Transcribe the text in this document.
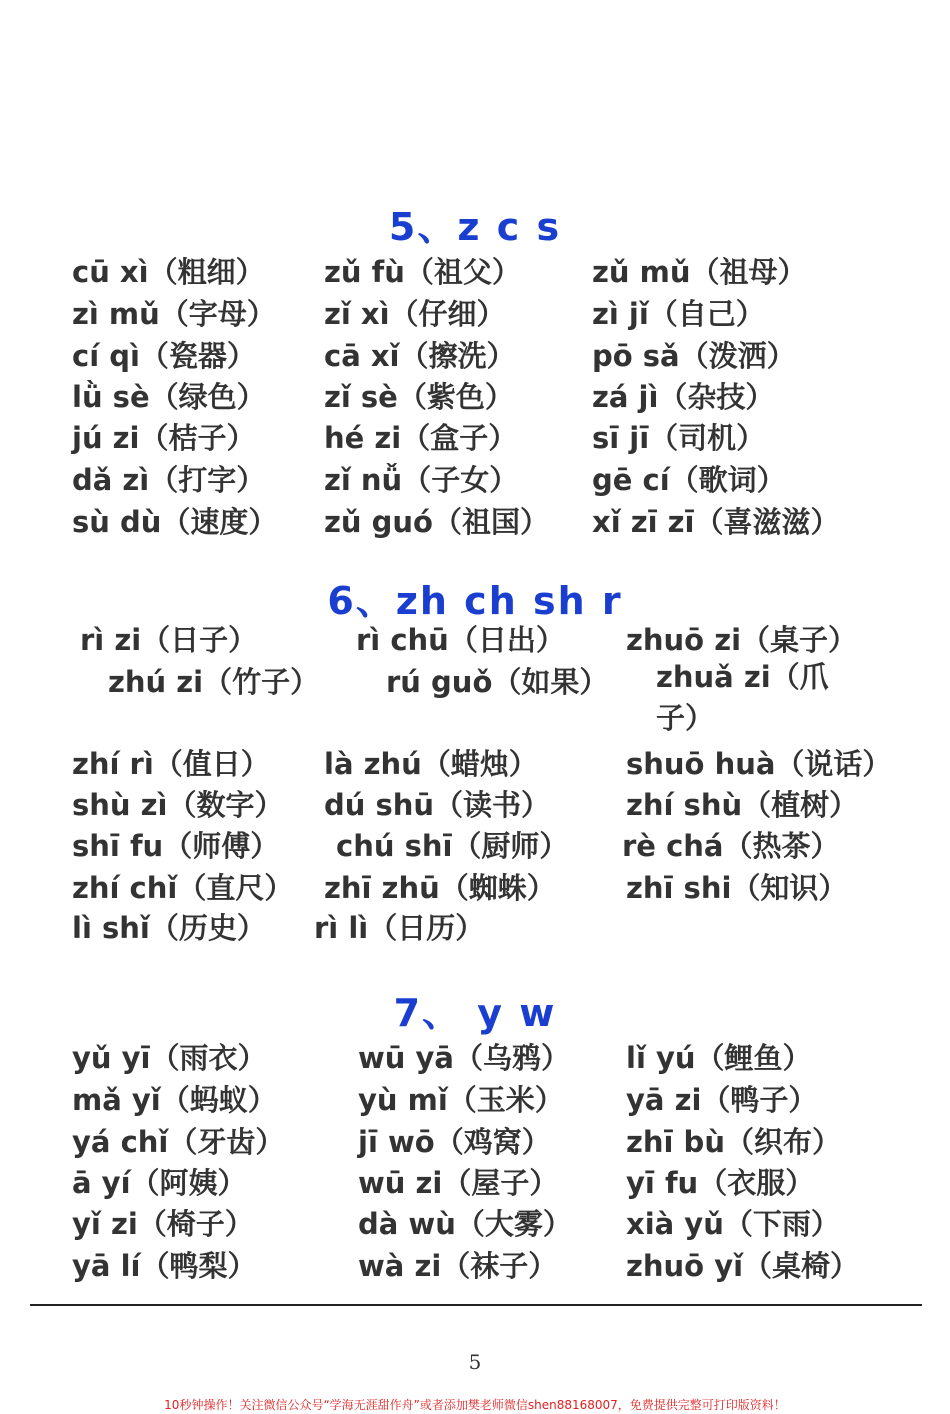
5、z c s
cū xì（粗细） zǔ fù（祖父） zǔ mǔ（祖母）
zì mǔ（字母） zǐ xì（仔细）	zì jǐ（自己）
cí qì（瓷器） cā xǐ（擦洗）	pō sǎ（泼洒）
lǜ sè（绿色） zǐ sè（紫色）	zá jì（杂技）
jú zi（桔子） hé zi（盒子）	sī jī（司机）
dǎ zì（打字） zǐ nǚ（子女）	gē cí（歌词）
sù dù（速度） zǔ guó（祖国） xǐ zī zī（喜滋滋）
6、zh ch sh r
rì zi（日子）	rì chū（日出） zhuō zi（桌子）
zhú zi（竹子） rú guǒ（如果） zhuǎ zi（爪子）
zhí rì（值日） là zhú（蜡烛）	shuō huà（说话）
shù zì（数字） dú shū（读书）	zhí shù（植树）
shī fu（师傅） chú shī（厨师） rè chá（热茶）
zhí chǐ（直尺） zhī zhū（蜘蛛） zhī shi（知识）
lì shǐ（历史） rì lì（日历）
7、 y w
yǔ yī（雨衣）	wū yā（乌鸦） lǐ yú（鲤鱼）
mǎ yǐ（蚂蚁）	yù mǐ（玉米） yā zi（鸭子）
yá chǐ（牙齿）	jī wō（鸡窝）	zhī bù（织布）
ā yí（阿姨）	wū zi（屋子） yī fu（衣服）
yǐ zi（椅子）	dà wù（大雾） xià yǔ（下雨）
yā lí（鸭梨）	wà zi（袜子） zhuō yǐ（桌椅）
5
10秒钟操作！关注微信公众号“学海无涯甜作舟”或者添加樊老师微信shen88168007，免费提供完整可打印版资料！
